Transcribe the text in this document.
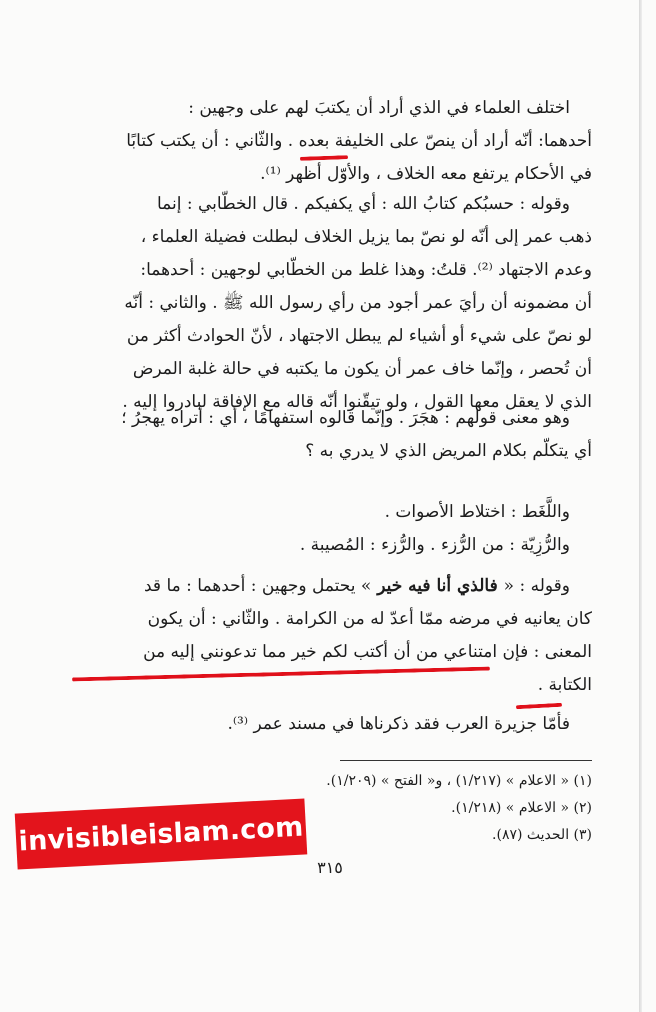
اختلف العلماء في الذي أراد أن يكتبَ لهم على وجهين :
أحدهما: أنّه أراد أن ينصّ على الخليفة بعده . والثّاني : أن يكتب كتابًا
في الأحكام يرتفع معه الخلاف ، والأوّل أظهر ⁽¹⁾.
وقوله : حسبُكم كتابُ الله : أي يكفيكم . قال الخطّابي : إنما
ذهب عمر إلى أنّه لو نصّ بما يزيل الخلاف لبطلت فضيلة العلماء ،
وعدم الاجتهاد ⁽²⁾. قلتُ: وهذا غلط من الخطّابي لوجهين : أحدهما:
أن مضمونه أن رأيَ عمر أجود من رأي رسول الله ﷺ . والثاني : أنّه
لو نصّ على شيء أو أشياء لم يبطل الاجتهاد ، لأنّ الحوادث أكثر من
أن تُحصر ، وإنّما خاف عمر أن يكون ما يكتبه في حالة غلبة المرض
الذي لا يعقل معها القول ، ولو تيقّنوا أنّه قاله مع الإفاقة لبادروا إليه .
وهو معنى قولهم : هجَرَ . وإنّما قالوه استفهامًا ، أي : أتراه يهجرُ ؛
أي يتكلّم بكلام المريض الذي لا يدري به ؟
واللَّغَط : اختلاط الأصوات .
والرُّزِيّة : من الرُّزء . والرُّزء : المُصيبة .
وقوله : « فالذي أنا فيه خير » يحتمل وجهين : أحدهما : ما قد
كان يعانيه في مرضه ممّا أعدّ له من الكرامة . والثّاني : أن يكون
المعنى : فإن امتناعي من أن أكتب لكم خير مما تدعونني إليه من
الكتابة .
فأمّا جزيرة العرب فقد ذكرناها في مسند عمر ⁽³⁾.
(١) « الاعلام » (١/٢١٧) ، و« الفتح » (١/٢٠٩).
(٢) « الاعلام » (١/٢١٨).
(٣) الحديث (٨٧).
٣١٥
invisibleislam.com
